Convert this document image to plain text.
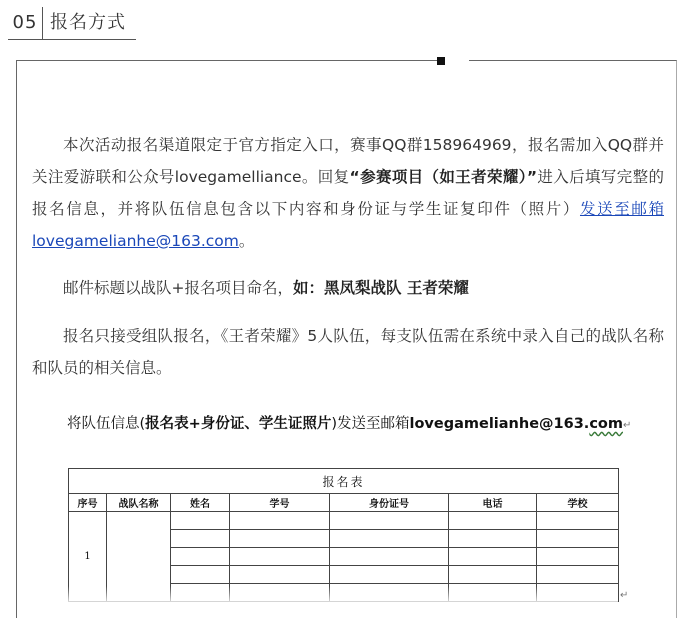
05 报名方式

本次活动报名渠道限定于官方指定入口，赛事QQ群158964969，报名需加入QQ群并关注爱游联和公众号lovegamelliance。回复“参赛项目（如王者荣耀）”进入后填写完整的报名信息，并将队伍信息包含以下内容和身份证与学生证复印件（照片）发送至邮箱lovegamelianhe@163.com。

邮件标题以战队+报名项目命名，如：黑凤梨战队 王者荣耀

报名只接受组队报名，《王者荣耀》5人队伍，每支队伍需在系统中录入自己的战队名称和队员的相关信息。

将队伍信息(报名表+身份证、学生证照片)发送至邮箱lovegamelianhe@163.com↵
报名表						
序号	战队名称	姓名	学号	身份证号	电话	学校
1						

↵
